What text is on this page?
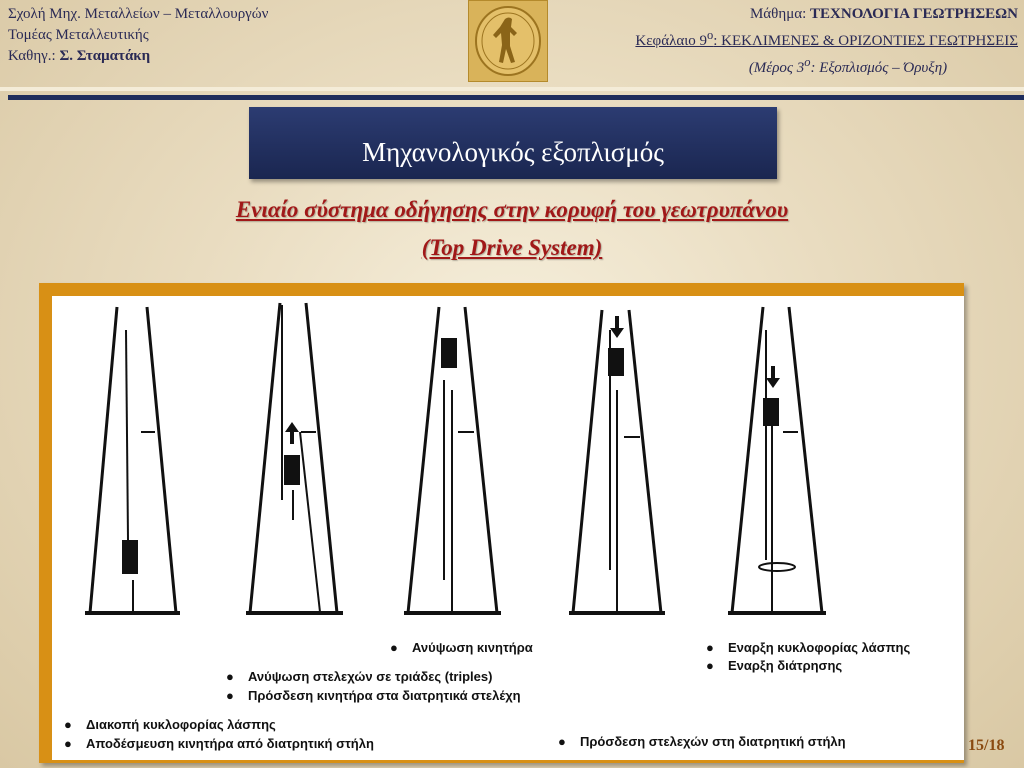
Σχολή Μηχ. Μεταλλείων – Μεταλλουργών
Τομέας Μεταλλευτικής
Καθηγ.: Σ. Σταματάκη
Μάθημα: ΤΕΧΝΟΛΟΓΙΑ ΓΕΩΤΡΗΣΕΩΝ
Κεφάλαιο $9^o$: ΚΕΚΛΙΜΕΝΕΣ & ΟΡΙΖΟΝΤΙΕΣ ΓΕΩΤΡΗΣΕΙΣ
(Μέρος $3^o$: Εξοπλισμός – Όρυξη)
Μηχανολογικός εξοπλισμός
Ενιαίο σύστημα οδήγησης στην κορυφή του γεωτρυπάνου
(Top Drive System)
● Ανύψωση κινητήρα	● Εναρξη κυκλοφορίας λάσπης
● Εναρξη διάτρησης
● Ανύψωση στελεχών σε τριάδες (triples)
● Πρόσδεση κινητήρα στα διατρητικά στελέχη
● Διακοπή κυκλοφορίας λάσπης
● Αποδέσμευση κινητήρα από διατρητική στήλη	● Πρόσδεση στελεχών στη διατρητική στήλη	15/18
